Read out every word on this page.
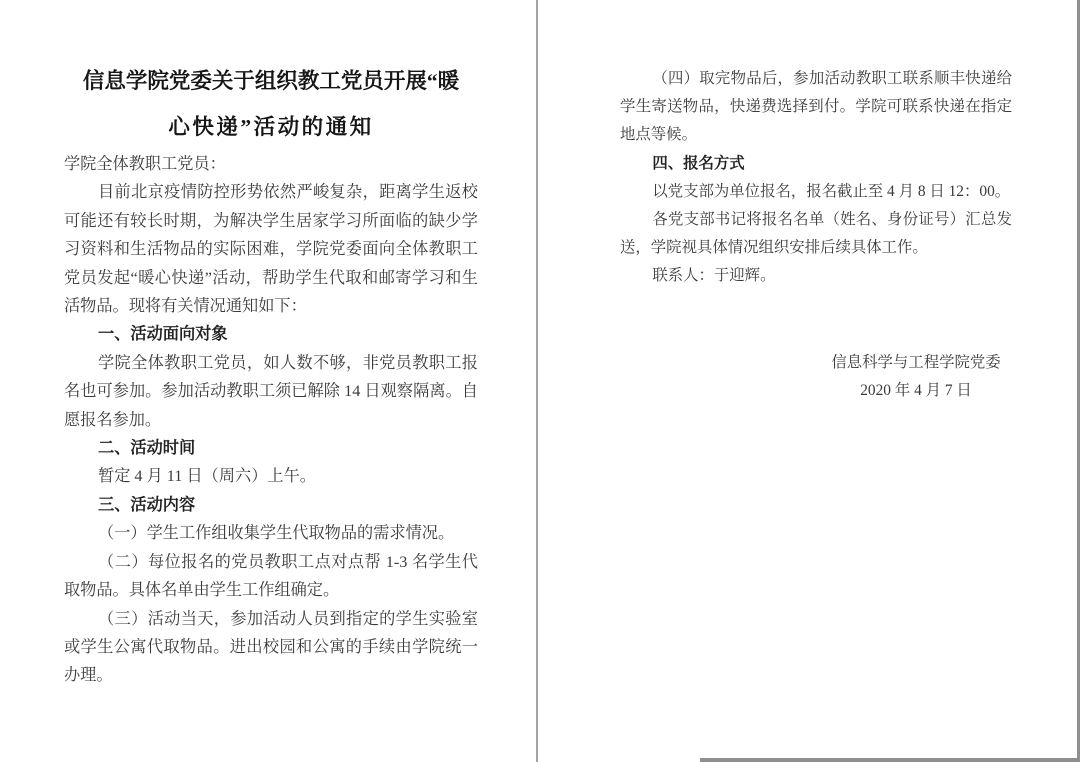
信息学院党委关于组织教工党员开展“暖
心快递”活动的通知

学院全体教职工党员：

目前北京疫情防控形势依然严峻复杂，距离学生返校可能还有较长时期，为解决学生居家学习所面临的缺少学习资料和生活物品的实际困难，学院党委面向全体教职工党员发起“暖心快递”活动，帮助学生代取和邮寄学习和生活物品。现将有关情况通知如下：

一、活动面向对象

学院全体教职工党员，如人数不够，非党员教职工报名也可参加。参加活动教职工须已解除 14 日观察隔离。自愿报名参加。

二、活动时间

暂定 4 月 11 日（周六）上午。

三、活动内容

（一）学生工作组收集学生代取物品的需求情况。

（二）每位报名的党员教职工点对点帮 1-3 名学生代取物品。具体名单由学生工作组确定。

（三）活动当天，参加活动人员到指定的学生实验室或学生公寓代取物品。进出校园和公寓的手续由学院统一办理。

（四）取完物品后，参加活动教职工联系顺丰快递给学生寄送物品，快递费选择到付。学院可联系快递在指定地点等候。

四、报名方式

以党支部为单位报名，报名截止至 4 月 8 日 12：00。

各党支部书记将报名名单（姓名、身份证号）汇总发送，学院视具体情况组织安排后续具体工作。

联系人：于迎辉。

信息科学与工程学院党委
2020 年 4 月 7 日
